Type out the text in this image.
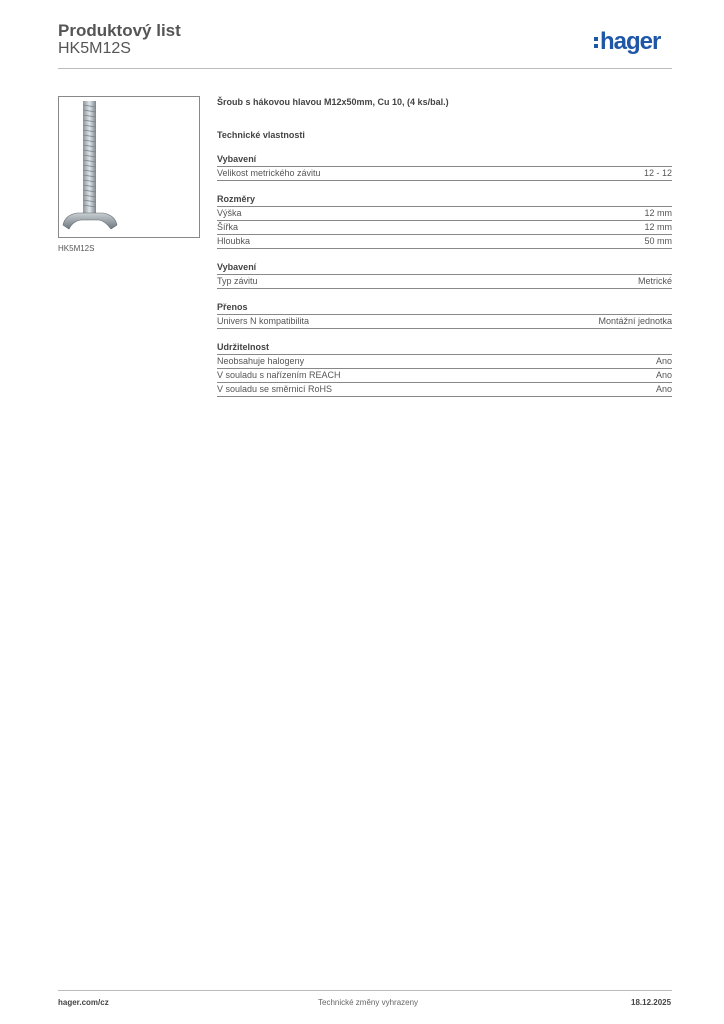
Produktový list
HK5M12S	hager
HK5M12S
Šroub s hákovou hlavou M12x50mm, Cu 10, (4 ks/bal.)
Technické vlastnosti
Vybavení
Velikost metrického závitu	12 - 12
Rozměry
Výška	12 mm
Šířka	12 mm
Hloubka	50 mm
Vybavení
Typ závitu	Metrické
Přenos
Univers N kompatibilita	Montážní jednotka
Udržitelnost
Neobsahuje halogeny	Ano
V souladu s nařízením REACH	Ano
V souladu se směrnicí RoHS	Ano
hager.com/cz	Technické změny vyhrazeny	18.12.2025
